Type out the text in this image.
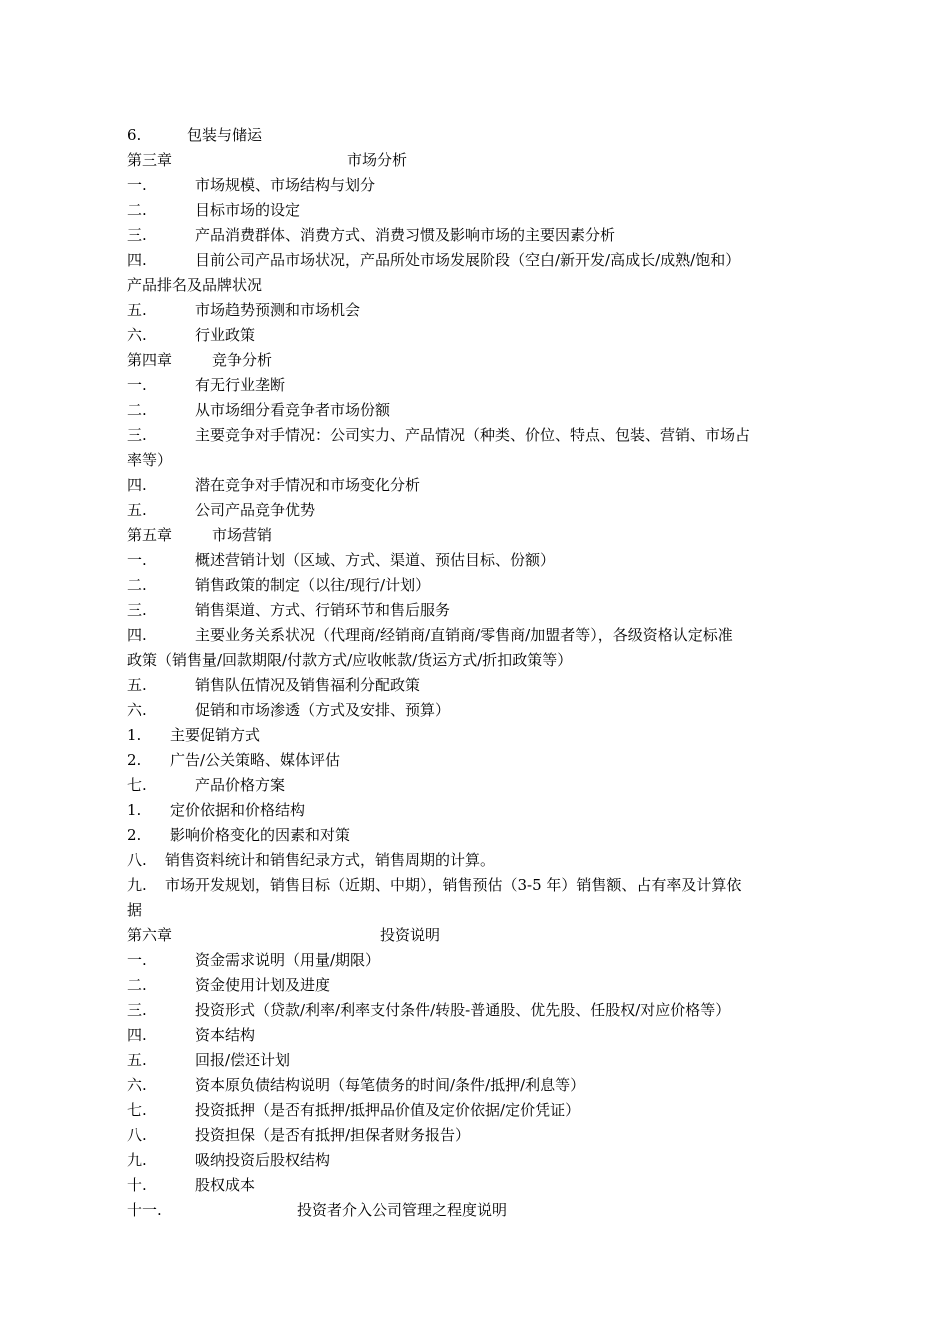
6.	包装与储运
第三章	市场分析
一.	市场规模、市场结构与划分
二.	目标市场的设定
三.	产品消费群体、消费方式、消费习惯及影响市场的主要因素分析
四.	目前公司产品市场状况，产品所处市场发展阶段（空白/新开发/高成长/成熟/饱和）
产品排名及品牌状况
五.	市场趋势预测和市场机会
六.	行业政策
第四章	竞争分析
一.	有无行业垄断
二.	从市场细分看竞争者市场份额
三.	主要竞争对手情况：公司实力、产品情况（种类、价位、特点、包装、营销、市场占
率等）
四.	潜在竞争对手情况和市场变化分析
五.	公司产品竞争优势
第五章	市场营销
一.	概述营销计划（区域、方式、渠道、预估目标、份额）
二.	销售政策的制定（以往/现行/计划）
三.	销售渠道、方式、行销环节和售后服务
四.	主要业务关系状况（代理商/经销商/直销商/零售商/加盟者等），各级资格认定标准
政策（销售量/回款期限/付款方式/应收帐款/货运方式/折扣政策等）
五.	销售队伍情况及销售福利分配政策
六.	促销和市场渗透（方式及安排、预算）
1. 主要促销方式
2. 广告/公关策略、媒体评估
七.	产品价格方案
1. 定价依据和价格结构
2. 影响价格变化的因素和对策
八. 销售资料统计和销售纪录方式，销售周期的计算。
九. 市场开发规划，销售目标（近期、中期），销售预估（3-5 年）销售额、占有率及计算依
据
第六章	投资说明
一.	资金需求说明（用量/期限）
二.	资金使用计划及进度
三.	投资形式（贷款/利率/利率支付条件/转股-普通股、优先股、任股权/对应价格等）
四.	资本结构
五.	回报/偿还计划
六.	资本原负债结构说明（每笔债务的时间/条件/抵押/利息等）
七.	投资抵押（是否有抵押/抵押品价值及定价依据/定价凭证）
八.	投资担保（是否有抵押/担保者财务报告）
九.	吸纳投资后股权结构
十.	股权成本
十一.	投资者介入公司管理之程度说明
